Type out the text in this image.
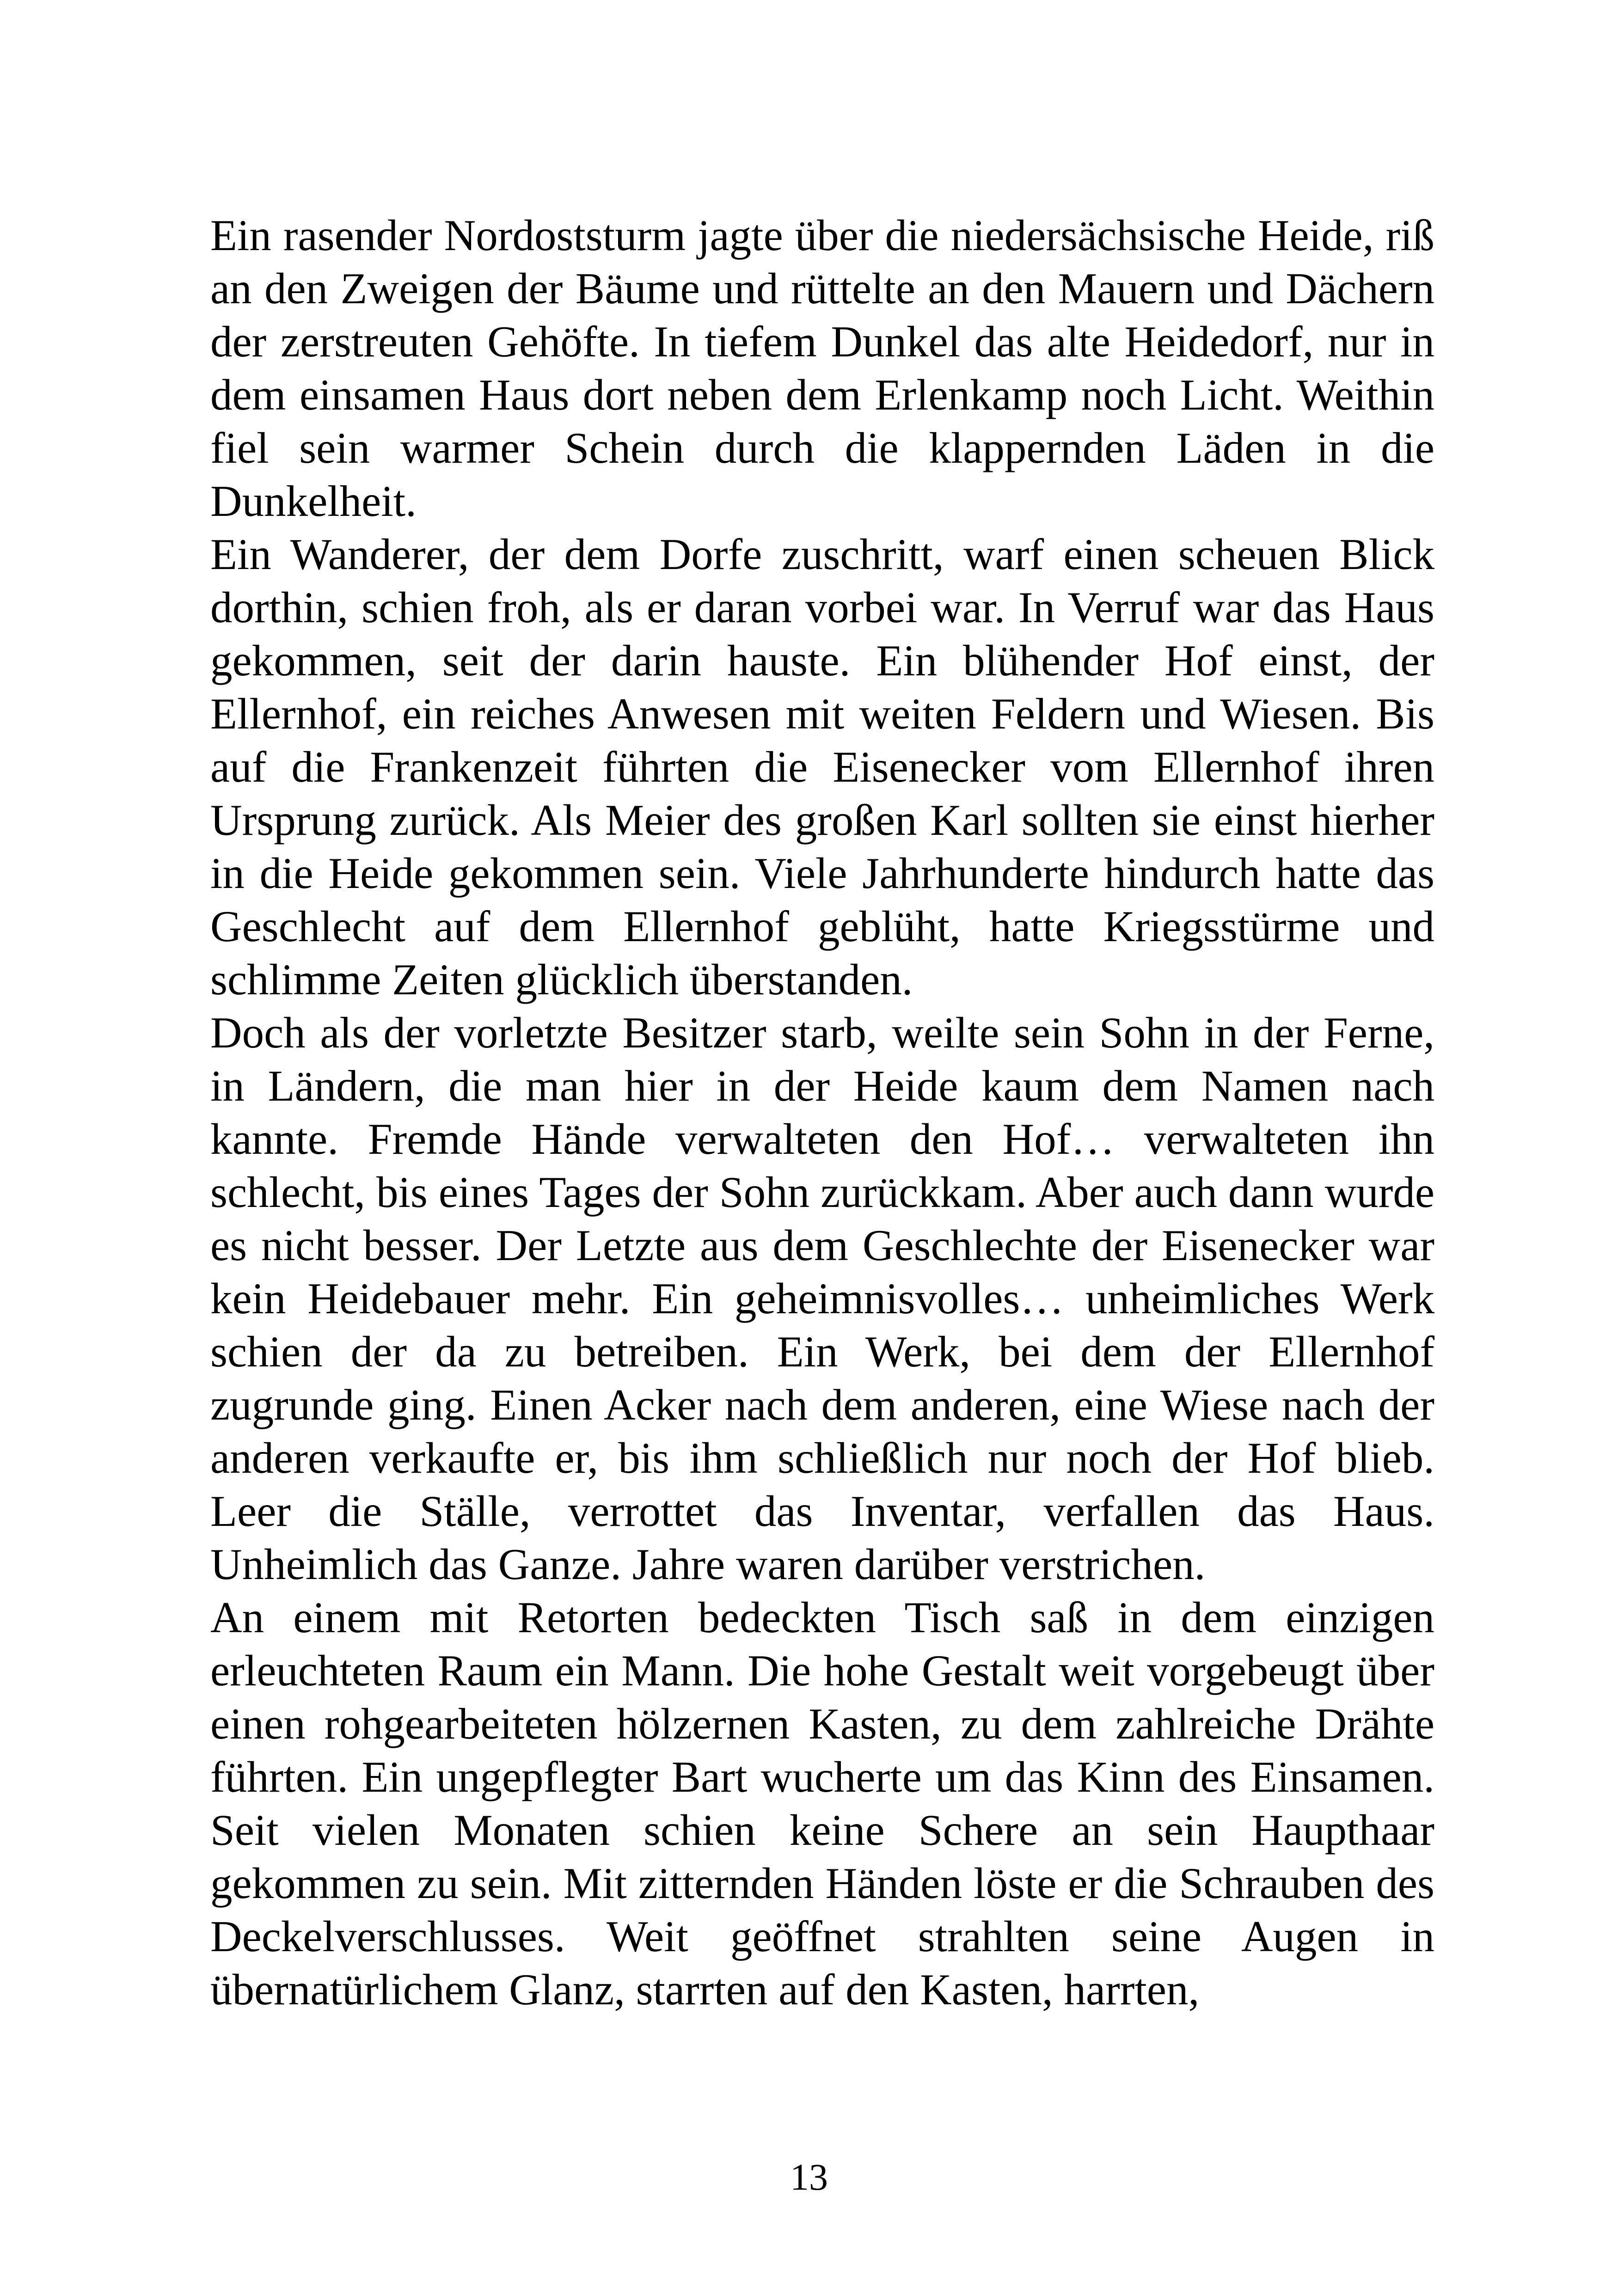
Ein rasender Nordoststurm jagte über die niedersächsische Heide, riß an den Zweigen der Bäume und rüttelte an den Mauern und Dächern der zerstreuten Gehöfte. In tiefem Dunkel das alte Heidedorf, nur in dem einsamen Haus dort neben dem Erlenkamp noch Licht. Weithin fiel sein warmer Schein durch die klappernden Läden in die Dunkelheit.

Ein Wanderer, der dem Dorfe zuschritt, warf einen scheuen Blick dorthin, schien froh, als er daran vorbei war. In Verruf war das Haus gekommen, seit der darin hauste. Ein blühender Hof einst, der Ellernhof, ein reiches Anwesen mit weiten Feldern und Wiesen. Bis auf die Frankenzeit führten die Eisenecker vom Ellernhof ihren Ursprung zurück. Als Meier des großen Karl sollten sie einst hierher in die Heide gekommen sein. Viele Jahrhunderte hindurch hatte das Geschlecht auf dem Ellernhof geblüht, hatte Kriegsstürme und schlimme Zeiten glücklich überstanden.

Doch als der vorletzte Besitzer starb, weilte sein Sohn in der Ferne, in Ländern, die man hier in der Heide kaum dem Namen nach kannte. Fremde Hände verwalteten den Hof… verwalteten ihn schlecht, bis eines Tages der Sohn zurückkam. Aber auch dann wurde es nicht besser. Der Letzte aus dem Geschlechte der Eisenecker war kein Heidebauer mehr. Ein geheimnisvolles… unheimliches Werk schien der da zu betreiben. Ein Werk, bei dem der Ellernhof zugrunde ging. Einen Acker nach dem anderen, eine Wiese nach der anderen verkaufte er, bis ihm schließlich nur noch der Hof blieb. Leer die Ställe, verrottet das Inventar, verfallen das Haus. Unheimlich das Ganze. Jahre waren darüber verstrichen.

An einem mit Retorten bedeckten Tisch saß in dem einzigen erleuchteten Raum ein Mann. Die hohe Gestalt weit vorgebeugt über einen rohgearbeiteten hölzernen Kasten, zu dem zahlreiche Drähte führten. Ein ungepflegter Bart wucherte um das Kinn des Einsamen. Seit vielen Monaten schien keine Schere an sein Haupthaar gekommen zu sein. Mit zitternden Händen löste er die Schrauben des Deckelverschlusses. Weit geöffnet strahlten seine Augen in übernatürlichem Glanz, starrten auf den Kasten, harrten,

13
